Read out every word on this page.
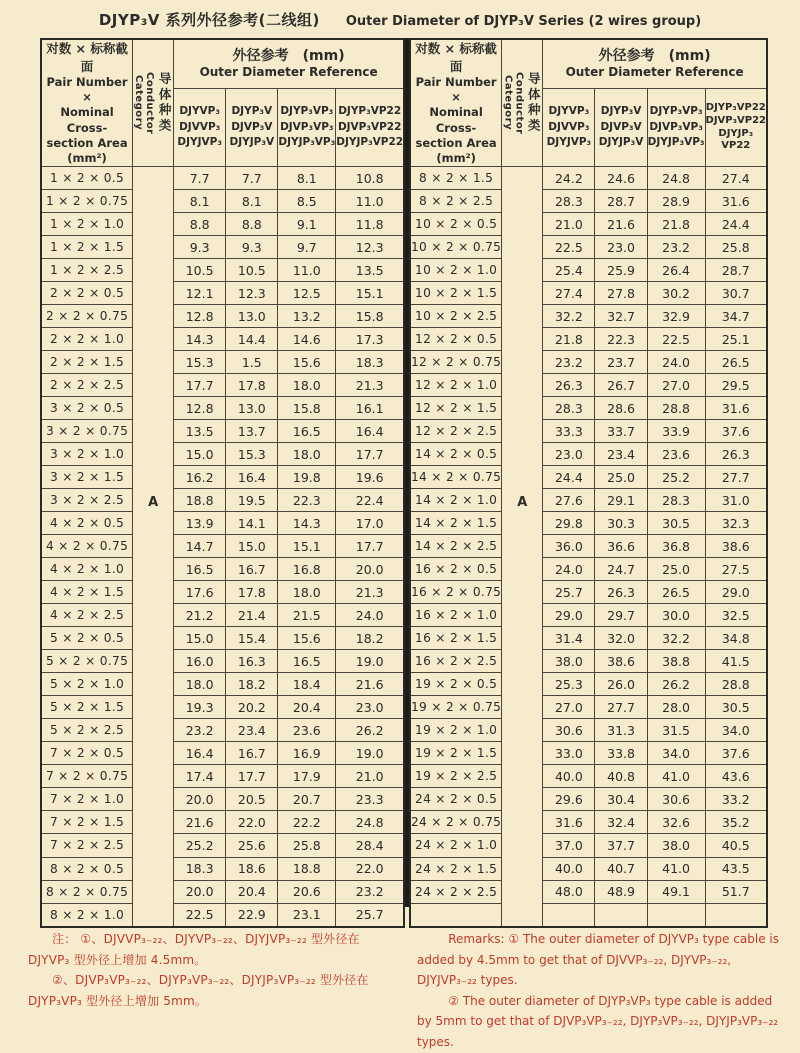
DJYP₃V 系列外径参考(二线组) Outer Diameter of DJYP₃V Series (2 wires group)
对数 × 标称截面
Pair Number ×
Nominal Cross-
section Area
(mm²)

Conductor Category	导体种类

外径参考　(mm)
Outer Diameter Reference

DJYVP₃
DJVVP₃
DJYJVP₃

DJYP₃V
DJVP₃V
DJYJP₃V

DJYP₃VP₃
DJVP₃VP₃
DJYJP₃VP₃

DJYP₃VP22
DJVP₃VP22
DJYJP₃VP22

1 × 2 × 0.5	A	7.7	7.7	8.1	10.8
1 × 2 × 0.75		8.1	8.1	8.5	11.0
1 × 2 × 1.0		8.8	8.8	9.1	11.8
1 × 2 × 1.5		9.3	9.3	9.7	12.3
1 × 2 × 2.5		10.5	10.5	11.0	13.5
2 × 2 × 0.5		12.1	12.3	12.5	15.1
2 × 2 × 0.75		12.8	13.0	13.2	15.8
2 × 2 × 1.0		14.3	14.4	14.6	17.3
2 × 2 × 1.5		15.3	1.5	15.6	18.3
2 × 2 × 2.5		17.7	17.8	18.0	21.3
3 × 2 × 0.5		12.8	13.0	15.8	16.1
3 × 2 × 0.75		13.5	13.7	16.5	16.4
3 × 2 × 1.0		15.0	15.3	18.0	17.7
3 × 2 × 1.5		16.2	16.4	19.8	19.6
3 × 2 × 2.5		18.8	19.5	22.3	22.4
4 × 2 × 0.5		13.9	14.1	14.3	17.0
4 × 2 × 0.75		14.7	15.0	15.1	17.7
4 × 2 × 1.0		16.5	16.7	16.8	20.0
4 × 2 × 1.5		17.6	17.8	18.0	21.3
4 × 2 × 2.5		21.2	21.4	21.5	24.0
5 × 2 × 0.5		15.0	15.4	15.6	18.2
5 × 2 × 0.75		16.0	16.3	16.5	19.0
5 × 2 × 1.0		18.0	18.2	18.4	21.6
5 × 2 × 1.5		19.3	20.2	20.4	23.0
5 × 2 × 2.5		23.2	23.4	23.6	26.2
7 × 2 × 0.5		16.4	16.7	16.9	19.0
7 × 2 × 0.75		17.4	17.7	17.9	21.0
7 × 2 × 1.0		20.0	20.5	20.7	23.3
7 × 2 × 1.5		21.6	22.0	22.2	24.8
7 × 2 × 2.5		25.2	25.6	25.8	28.4
8 × 2 × 0.5		18.3	18.6	18.8	22.0
8 × 2 × 0.75		20.0	20.4	20.6	23.2
8 × 2 × 1.0		22.5	22.9	23.1	25.7
对数 × 标称截面
Pair Number ×
Nominal Cross-
section Area
(mm²)

Conductor Category	导体种类

外径参考　(mm)
Outer Diameter Reference

DJYVP₃
DJVVP₃
DJYJVP₃

DJYP₃V
DJVP₃V
DJYJP₃V

DJYP₃VP₃
DJVP₃VP₃
DJYJP₃VP₃

DJYP₃VP22
DJVP₃VP22
DJYJP₃
VP22

8 × 2 × 1.5	A	24.2	24.6	24.8	27.4
8 × 2 × 2.5		28.3	28.7	28.9	31.6
10 × 2 × 0.5		21.0	21.6	21.8	24.4
10 × 2 × 0.75		22.5	23.0	23.2	25.8
10 × 2 × 1.0		25.4	25.9	26.4	28.7
10 × 2 × 1.5		27.4	27.8	30.2	30.7
10 × 2 × 2.5		32.2	32.7	32.9	34.7
12 × 2 × 0.5		21.8	22.3	22.5	25.1
12 × 2 × 0.75		23.2	23.7	24.0	26.5
12 × 2 × 1.0		26.3	26.7	27.0	29.5
12 × 2 × 1.5		28.3	28.6	28.8	31.6
12 × 2 × 2.5		33.3	33.7	33.9	37.6
14 × 2 × 0.5		23.0	23.4	23.6	26.3
14 × 2 × 0.75		24.4	25.0	25.2	27.7
14 × 2 × 1.0		27.6	29.1	28.3	31.0
14 × 2 × 1.5		29.8	30.3	30.5	32.3
14 × 2 × 2.5		36.0	36.6	36.8	38.6
16 × 2 × 0.5		24.0	24.7	25.0	27.5
16 × 2 × 0.75		25.7	26.3	26.5	29.0
16 × 2 × 1.0		29.0	29.7	30.0	32.5
16 × 2 × 1.5		31.4	32.0	32.2	34.8
16 × 2 × 2.5		38.0	38.6	38.8	41.5
19 × 2 × 0.5		25.3	26.0	26.2	28.8
19 × 2 × 0.75		27.0	27.7	28.0	30.5
19 × 2 × 1.0		30.6	31.3	31.5	34.0
19 × 2 × 1.5		33.0	33.8	34.0	37.6
19 × 2 × 2.5		40.0	40.8	41.0	43.6
24 × 2 × 0.5		29.6	30.4	30.6	33.2
24 × 2 × 0.75		31.6	32.4	32.6	35.2
24 × 2 × 1.0		37.0	37.7	38.0	40.5
24 × 2 × 1.5		40.0	40.7	41.0	43.5
24 × 2 × 2.5		48.0	48.9	49.1	51.7

注： ①、DJVVP₃₋₂₂、DJYVP₃₋₂₂、DJYJVP₃₋₂₂ 型外径在 DJYVP₃ 型外径上增加 4.5mm。

②、DJVP₃VP₃₋₂₂、DJYP₃VP₃₋₂₂、DJYJP₃VP₃₋₂₂ 型外径在 DJYP₃VP₃ 型外径上增加 5mm。

Remarks: ① The outer diameter of DJYVP₃ type cable is added by 4.5mm to get that of DJVVP₃₋₂₂, DJYVP₃₋₂₂, DJYJVP₃₋₂₂ types.

② The outer diameter of DJYP₃VP₃ type cable is added by 5mm to get that of DJVP₃VP₃₋₂₂, DJYP₃VP₃₋₂₂, DJYJP₃VP₃₋₂₂ types.
